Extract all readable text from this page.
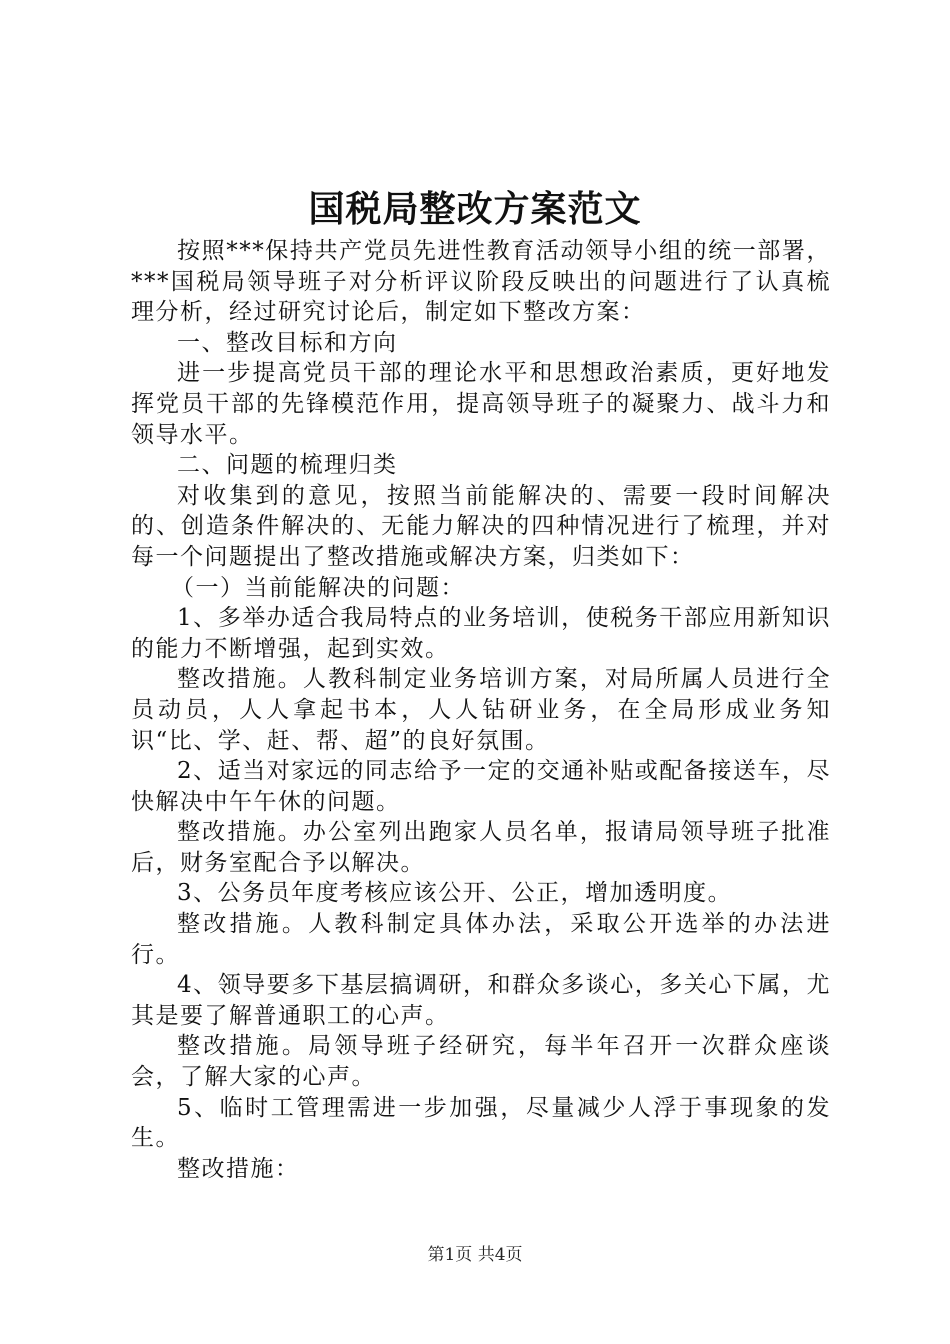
国税局整改方案范文

按照***保持共产党员先进性教育活动领导小组的统一部署，***国税局领导班子对分析评议阶段反映出的问题进行了认真梳理分析，经过研究讨论后，制定如下整改方案：

一、整改目标和方向

进一步提高党员干部的理论水平和思想政治素质，更好地发挥党员干部的先锋模范作用，提高领导班子的凝聚力、战斗力和领导水平。

二、问题的梳理归类

对收集到的意见，按照当前能解决的、需要一段时间解决的、创造条件解决的、无能力解决的四种情况进行了梳理，并对每一个问题提出了整改措施或解决方案，归类如下：

（一）当前能解决的问题：

1、多举办适合我局特点的业务培训，使税务干部应用新知识的能力不断增强，起到实效。

整改措施。人教科制定业务培训方案，对局所属人员进行全员动员，人人拿起书本，人人钻研业务，在全局形成业务知识“比、学、赶、帮、超”的良好氛围。

2、适当对家远的同志给予一定的交通补贴或配备接送车，尽快解决中午午休的问题。

整改措施。办公室列出跑家人员名单，报请局领导班子批准后，财务室配合予以解决。

3、公务员年度考核应该公开、公正，增加透明度。

整改措施。人教科制定具体办法，采取公开选举的办法进行。

4、领导要多下基层搞调研，和群众多谈心，多关心下属，尤其是要了解普通职工的心声。

整改措施。局领导班子经研究，每半年召开一次群众座谈会，了解大家的心声。

5、临时工管理需进一步加强，尽量减少人浮于事现象的发生。

整改措施：

第1页 共4页
